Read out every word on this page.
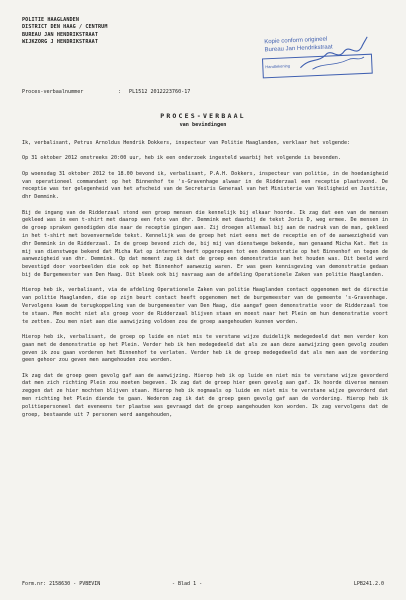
POLITIE HAAGLANDEN
DISTRICT DEN HAAG / CENTRUM
BUREAU JAN HENDRIKSTRAAT
WIJKZORG J HENDRIKSTRAAT	Kopie conform origineel
Bureau Jan Hendrikstraat
Handtekening
Proces-verbaalnummer	: PL1512 2012223760-17
PROCES-VERBAAL
van bevindingen

Ik, verbalisant, Petrus Arnoldus Hendrik Dokkers, inspecteur van Politie Haaglanden, verklaar het volgende:

Op 31 oktober 2012 omstreeks 20:00 uur, heb ik een onderzoek ingesteld waarbij het volgende is bevonden.

Op woensdag 31 oktober 2012 te 18.00 bevond ik, verbalisant, P.A.H. Dokkers, inspecteur van politie, in de hoedanigheid van operationeel commandant op het Binnenhof te 's-Gravenhage alwaar in de Ridderzaal een receptie plaatsvond. De receptie was ter gelegenheid van het afscheid van de Secretaris Generaal van het Ministerie van Veiligheid en Justitie, dhr Demmink.

Bij de ingang van de Ridderzaal stond een groep mensen die kennelijk bij elkaar hoorde. Ik zag dat een van de mensen gekleed was in een t-shirt met daarop een foto van dhr. Demmink met daarbij de tekst Joris D, weg ermee. De mensen in de groep spraken genodigden die naar de receptie gingen aan. Zij droegen allemaal bij aan de nadruk van de man, gekleed in het t-shirt met bovenvermelde tekst. Kennelijk was de groep het niet eens met de receptie en of de aanwezigheid van dhr Demmink in de Ridderzaal. In de groep bevond zich de, bij mij van dienstwege bekende, man genaamd Micha Kat. Het is mij van dienstwege bekend dat Micha Kat op internet heeft opgeroepen tot een demonstratie op het Binnenhof en tegen de aanwezigheid van dhr. Demmink. Op dat moment zag ik dat de groep een demonstratie aan het houden was. Dit beeld werd bevestigd door voorbeelden die ook op het Binnenhof aanwezig waren. Er was geen kennisgeving van demonstratie gedaan bij de Burgemeester van Den Haag. Dit bleek ook bij navraag aan de afdeling Operationele Zaken van politie Haaglanden.

Hierop heb ik, verbalisant, via de afdeling Operationele Zaken van politie Haaglanden contact opgenomen met de directie van politie Haaglanden, die op zijn beurt contact heeft opgenomen met de burgemeester van de gemeente 's-Gravenhage. Vervolgens kwam de terugkoppeling van de burgemeester van Den Haag, die aangaf geen demonstratie voor de Ridderzaal toe te staan. Men mocht niet als groep voor de Ridderzaal blijven staan en moest naar het Plein om hun demonstratie voort te zetten. Zou men niet aan die aanwijzing voldoen zou de groep aangehouden kunnen worden.

Hierop heb ik, verbalisant, de groep op luide en niet mis te verstane wijze duidelijk medegedeeld dat men verder kon gaan met de demonstratie op het Plein. Verder heb ik hen medegedeeld dat als ze aan deze aanwijzing geen gevolg zouden geven ik zou gaan vorderen het Binnenhof te verlaten. Verder heb ik de groep medegedeeld dat als men aan de vordering geen gehoor zou geven men aangehouden zou worden.

Ik zag dat de groep geen gevolg gaf aan de aanwijzing. Hierop heb ik op luide en niet mis te verstane wijze gevorderd dat men zich richting Plein zou moeten begeven. Ik zag dat de groep hier geen gevolg aan gaf. Ik hoorde diverse mensen zeggen dat ze hier mochten blijven staan. Hierop heb ik nogmaals op luide en niet mis te verstane wijze gevorderd dat men richting het Plein diende te gaan. Wederom zag ik dat de groep geen gevolg gaf aan de vordering. Hierop heb ik politiepersoneel dat eveneens ter plaatse was gevraagd dat de groep aangehouden kon worden. Ik zag vervolgens dat de groep, bestaande uit 7 personen werd aangehouden,

Form.nr: 2158630 - PVBEVIN	- Blad 1 -	LPB241.2.0
